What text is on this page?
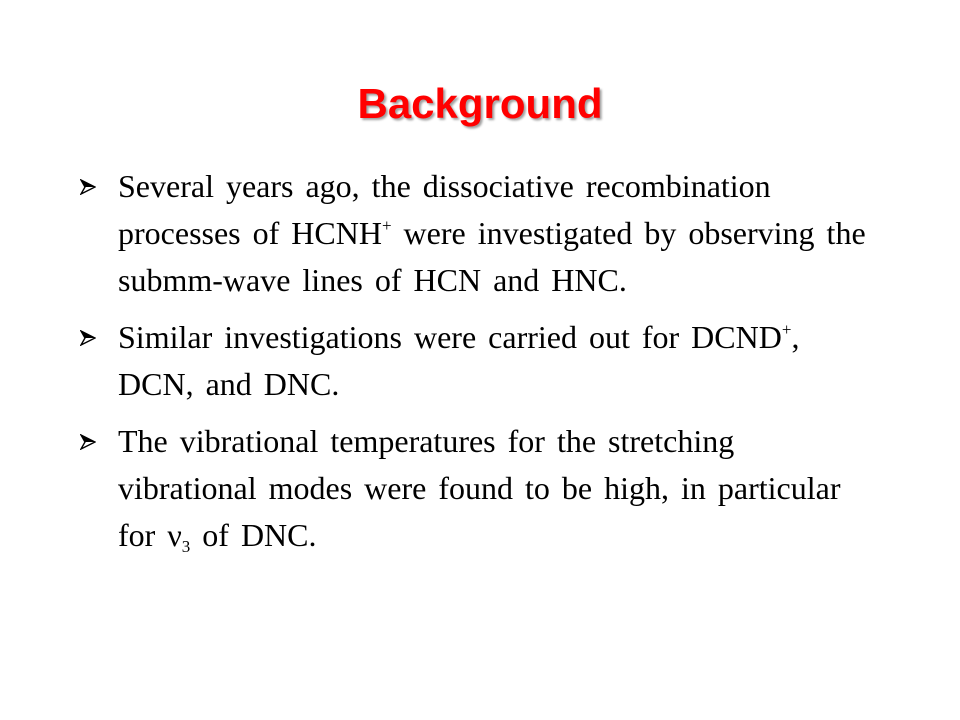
Background
Several years ago, the dissociative recombination processes of HCNH+ were investigated by observing the submm-wave lines of HCN and HNC.
Similar investigations were carried out for DCND+, DCN, and DNC.
The vibrational temperatures for the stretching vibrational modes were found to be high, in particular for $\nu_3$ of DNC.
